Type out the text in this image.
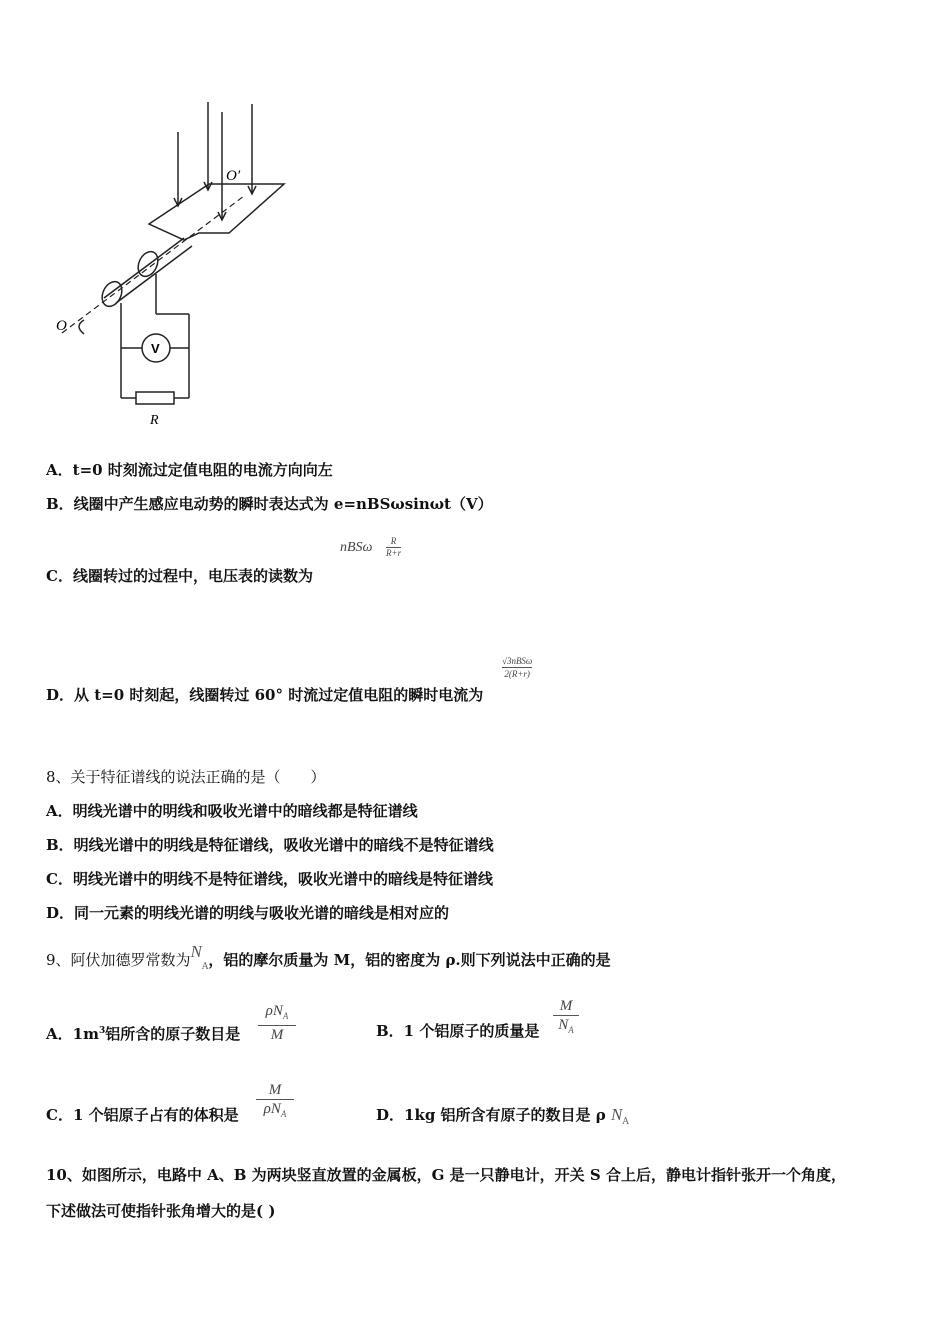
O′
O
V
R
A．t=0 时刻流过定值电阻的电流方向向左
B．线圈中产生感应电动势的瞬时表达式为 e=nBSωsinωt（V）
nBSω	R
R+r
C．线圈转过的过程中，电压表的读数为
√3nBSω
2(R+r)
D．从 t=0 时刻起，线圈转过 60° 时流过定值电阻的瞬时电流为
8、关于特征谱线的说法正确的是（　　）
A．明线光谱中的明线和吸收光谱中的暗线都是特征谱线
B．明线光谱中的明线是特征谱线，吸收光谱中的暗线不是特征谱线
C．明线光谱中的明线不是特征谱线，吸收光谱中的暗线是特征谱线
D．同一元素的明线光谱的明线与吸收光谱的暗线是相对应的
9、阿伏加德罗常数为$N_A$，铝的摩尔质量为 M，铝的密度为 ρ.则下列说法中正确的是
A．$1m^3$铝所含的原子数目是
$\rho N_A$
M	B．1 个铝原子的质量是
M
$N_A$
C．1 个铝原子占有的体积是
M
$\rho N_A$	D．1kg 铝所含有原子的数目是 ρ $N_A$
10、如图所示，电路中 A、B 为两块竖直放置的金属板，G 是一只静电计，开关 S 合上后，静电计指针张开一个角度，
下述做法可使指针张角增大的是( )
